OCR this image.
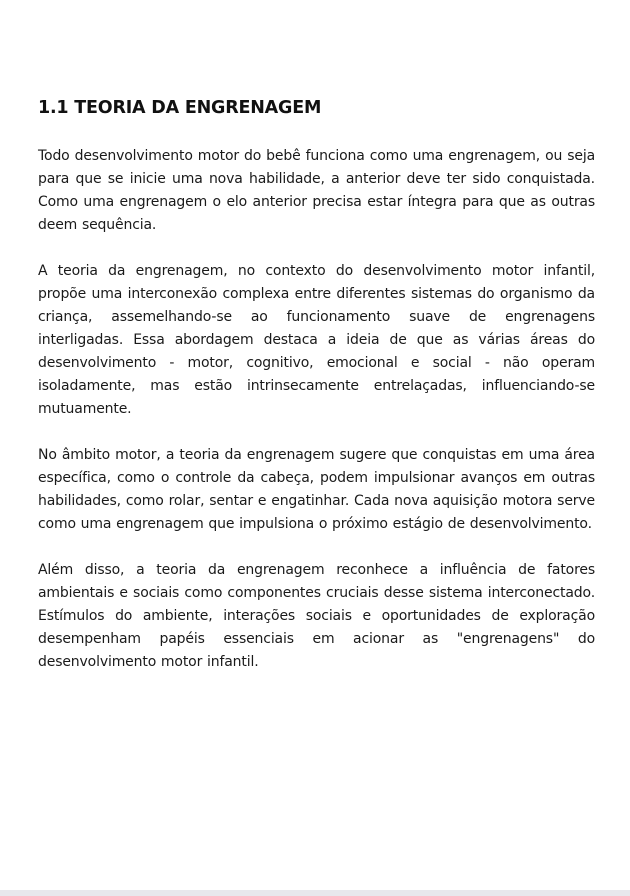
1.1 TEORIA DA ENGRENAGEM

Todo desenvolvimento motor do bebê funciona como uma engrenagem, ou seja para que se inicie uma nova habilidade, a anterior deve ter sido conquistada. Como uma engrenagem o elo anterior precisa estar íntegra para que as outras deem sequência.

A teoria da engrenagem, no contexto do desenvolvimento motor infantil, propõe uma interconexão complexa entre diferentes sistemas do organismo da criança, assemelhando-se ao funcionamento suave de engrenagens interligadas. Essa abordagem destaca a ideia de que as várias áreas do desenvolvimento - motor, cognitivo, emocional e social - não operam isoladamente, mas estão intrinsecamente entrelaçadas, influenciando-se mutuamente.

No âmbito motor, a teoria da engrenagem sugere que conquistas em uma área específica, como o controle da cabeça, podem impulsionar avanços em outras habilidades, como rolar, sentar e engatinhar. Cada nova aquisição motora serve como uma engrenagem que impulsiona o próximo estágio de desenvolvimento.

Além disso, a teoria da engrenagem reconhece a influência de fatores ambientais e sociais como componentes cruciais desse sistema interconectado. Estímulos do ambiente, interações sociais e oportunidades de exploração desempenham papéis essenciais em acionar as "engrenagens" do desenvolvimento motor infantil.
